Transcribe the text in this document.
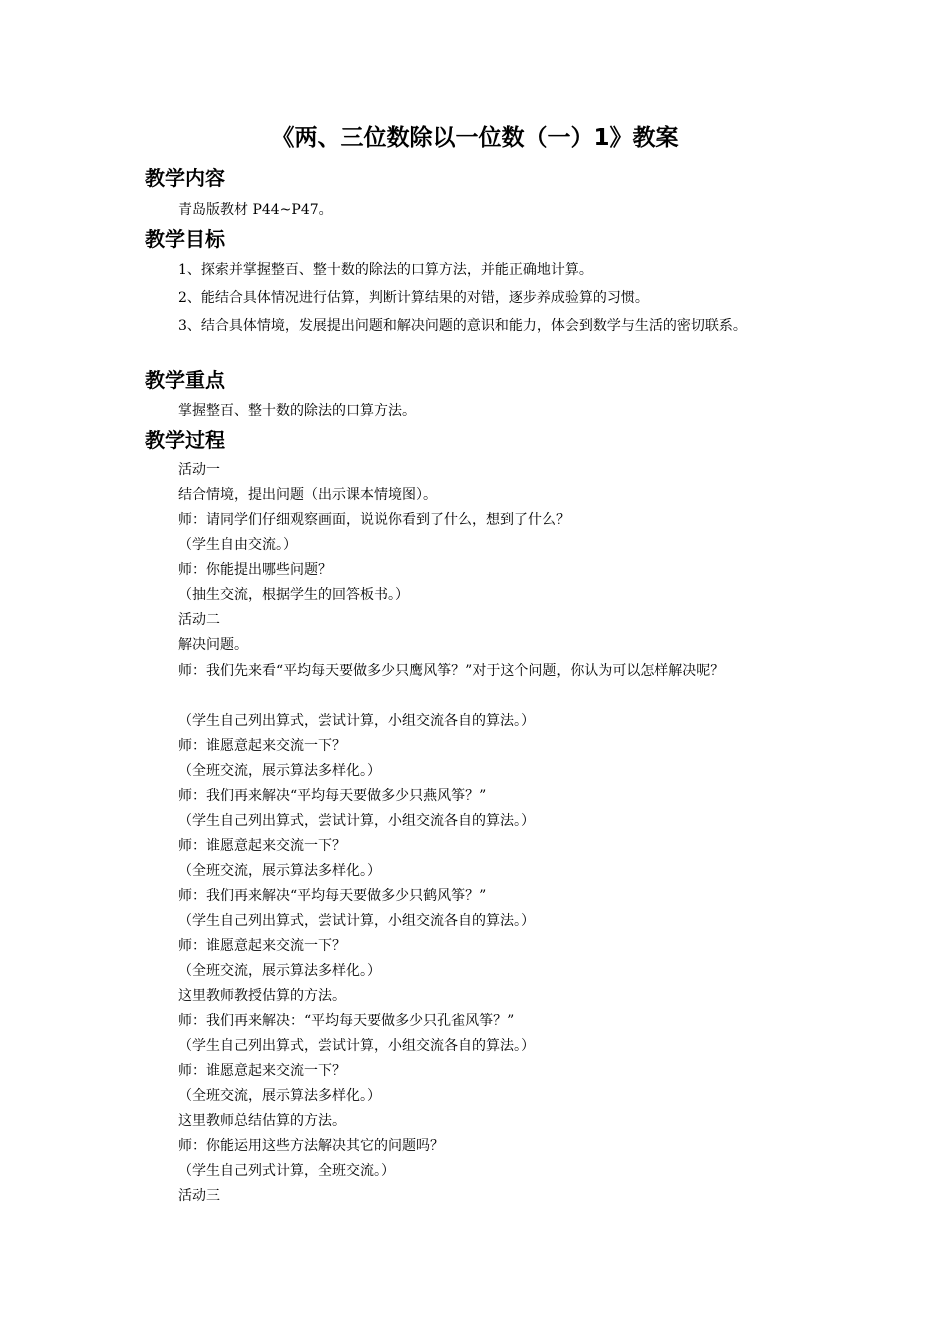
《两、三位数除以一位数（一）1》教案
教学内容
青岛版教材 P44~P47。
教学目标
1、探索并掌握整百、整十数的除法的口算方法，并能正确地计算。
2、能结合具体情况进行估算，判断计算结果的对错，逐步养成验算的习惯。
3、结合具体情境，发展提出问题和解决问题的意识和能力，体会到数学与生活的密切联系。
教学重点
掌握整百、整十数的除法的口算方法。
教学过程
活动一
结合情境，提出问题（出示课本情境图）。
师：请同学们仔细观察画面，说说你看到了什么，想到了什么？
（学生自由交流。）
师：你能提出哪些问题？
（抽生交流，根据学生的回答板书。）
活动二
解决问题。
师：我们先来看“平均每天要做多少只鹰风筝？”对于这个问题，你认为可以怎样解决呢？
（学生自己列出算式，尝试计算，小组交流各自的算法。）
师：谁愿意起来交流一下？
（全班交流，展示算法多样化。）
师：我们再来解决“平均每天要做多少只燕风筝？”
（学生自己列出算式，尝试计算，小组交流各自的算法。）
师：谁愿意起来交流一下？
（全班交流，展示算法多样化。）
师：我们再来解决“平均每天要做多少只鹤风筝？”
（学生自己列出算式，尝试计算，小组交流各自的算法。）
师：谁愿意起来交流一下？
（全班交流，展示算法多样化。）
这里教师教授估算的方法。
师：我们再来解决：“平均每天要做多少只孔雀风筝？”
（学生自己列出算式，尝试计算，小组交流各自的算法。）
师：谁愿意起来交流一下？
（全班交流，展示算法多样化。）
这里教师总结估算的方法。
师：你能运用这些方法解决其它的问题吗？
（学生自己列式计算，全班交流。）
活动三
